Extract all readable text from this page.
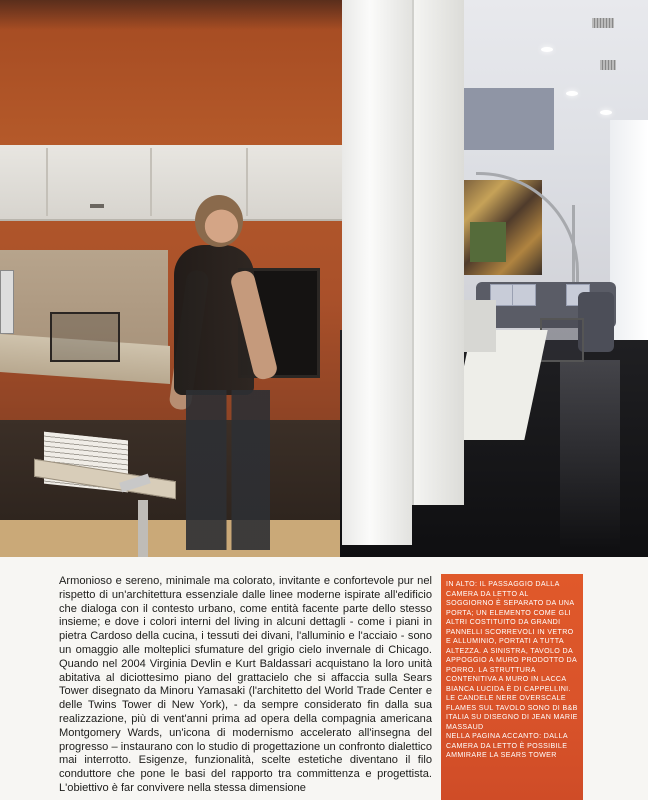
Armonioso e sereno, minimale ma colorato, invitante e confortevole pur nel rispetto di un'architettura essenziale dalle linee moderne ispirate all'edificio che dialoga con il contesto urbano, come entità facente parte dello stesso insieme; e dove i colori interni del living in alcuni dettagli - come i piani in pietra Cardoso della cucina, i tessuti dei divani, l'alluminio e l'acciaio - sono un omaggio alle molteplici sfumature del grigio cielo invernale di Chicago. Quando nel 2004 Virginia Devlin e Kurt Baldassari acquistano la loro unità abitativa al diciottesimo piano del grattacielo che si affaccia sulla Sears Tower disegnato da Minoru Yamasaki (l'architetto del World Trade Center e delle Twins Tower di New York), - da sempre considerato fin dalla sua realizzazione, più di vent'anni prima ad opera della compagnia americana Montgomery Wards, un'icona di modernismo accelerato all'insegna del progresso – instaurano con lo studio di progettazione un confronto dialettico mai interrotto. Esigenze, funzionalità, scelte estetiche diventano il filo conduttore che pone le basi del rapporto tra committenza e progettista. L'obiettivo è far convivere nella stessa dimensione

IN ALTO: IL PASSAGGIO DALLA CAMERA DA LETTO AL SOGGIORNO È SEPARATO DA UNA PORTA; UN ELEMENTO COME GLI ALTRI COSTITUITO DA GRANDI PANNELLI SCORREVOLI IN VETRO E ALLUMINIO, PORTATI A TUTTA ALTEZZA. A SINISTRA, TAVOLO DA APPOGGIO A MURO PRODOTTO DA PORRO. LA STRUTTURA CONTENITIVA A MURO IN LACCA BIANCA LUCIDA È DI CAPPELLINI. LE CANDELE NERE OVERSCALE FLAMES SUL TAVOLO SONO DI B&B ITALIA SU DISEGNO DI JEAN MARIE MASSAUD

NELLA PAGINA ACCANTO: DALLA CAMERA DA LETTO È POSSIBILE AMMIRARE LA SEARS TOWER
